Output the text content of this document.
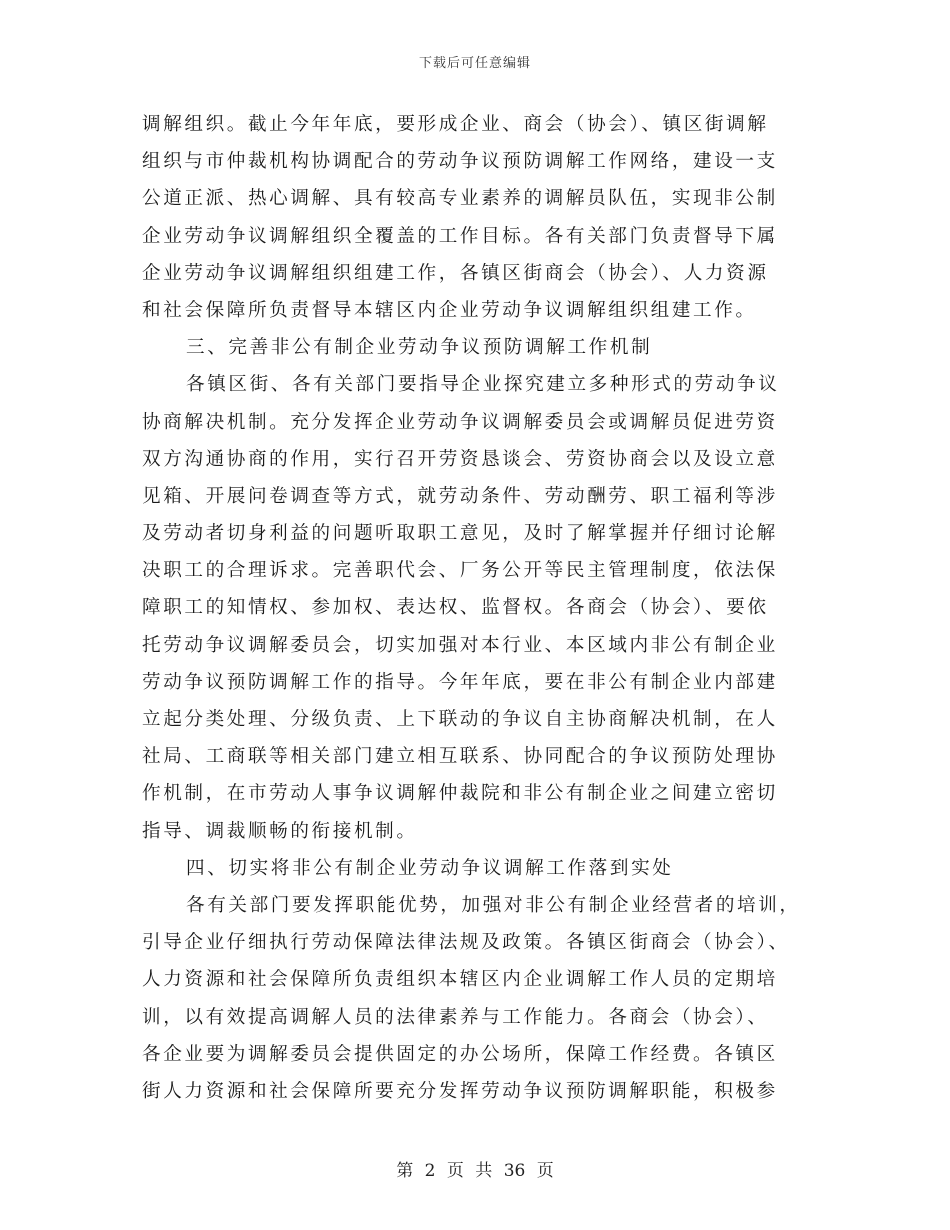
下载后可任意编辑
调解组织。截止今年年底，要形成企业、商会（协会）、镇区街调解
组织与市仲裁机构协调配合的劳动争议预防调解工作网络，建设一支
公道正派、热心调解、具有较高专业素养的调解员队伍，实现非公制
企业劳动争议调解组织全覆盖的工作目标。各有关部门负责督导下属
企业劳动争议调解组织组建工作，各镇区街商会（协会）、人力资源
和社会保障所负责督导本辖区内企业劳动争议调解组织组建工作。
三、完善非公有制企业劳动争议预防调解工作机制
各镇区街、各有关部门要指导企业探究建立多种形式的劳动争议
协商解决机制。充分发挥企业劳动争议调解委员会或调解员促进劳资
双方沟通协商的作用，实行召开劳资恳谈会、劳资协商会以及设立意
见箱、开展问卷调查等方式，就劳动条件、劳动酬劳、职工福利等涉
及劳动者切身利益的问题听取职工意见，及时了解掌握并仔细讨论解
决职工的合理诉求。完善职代会、厂务公开等民主管理制度，依法保
障职工的知情权、参加权、表达权、监督权。各商会（协会）、要依
托劳动争议调解委员会，切实加强对本行业、本区域内非公有制企业
劳动争议预防调解工作的指导。今年年底，要在非公有制企业内部建
立起分类处理、分级负责、上下联动的争议自主协商解决机制，在人
社局、工商联等相关部门建立相互联系、协同配合的争议预防处理协
作机制，在市劳动人事争议调解仲裁院和非公有制企业之间建立密切
指导、调裁顺畅的衔接机制。
四、切实将非公有制企业劳动争议调解工作落到实处
各有关部门要发挥职能优势，加强对非公有制企业经营者的培训，
引导企业仔细执行劳动保障法律法规及政策。各镇区街商会（协会）、
人力资源和社会保障所负责组织本辖区内企业调解工作人员的定期培
训，以有效提高调解人员的法律素养与工作能力。各商会（协会）、
各企业要为调解委员会提供固定的办公场所，保障工作经费。各镇区
街人力资源和社会保障所要充分发挥劳动争议预防调解职能，积极参
第 2 页 共 36 页
